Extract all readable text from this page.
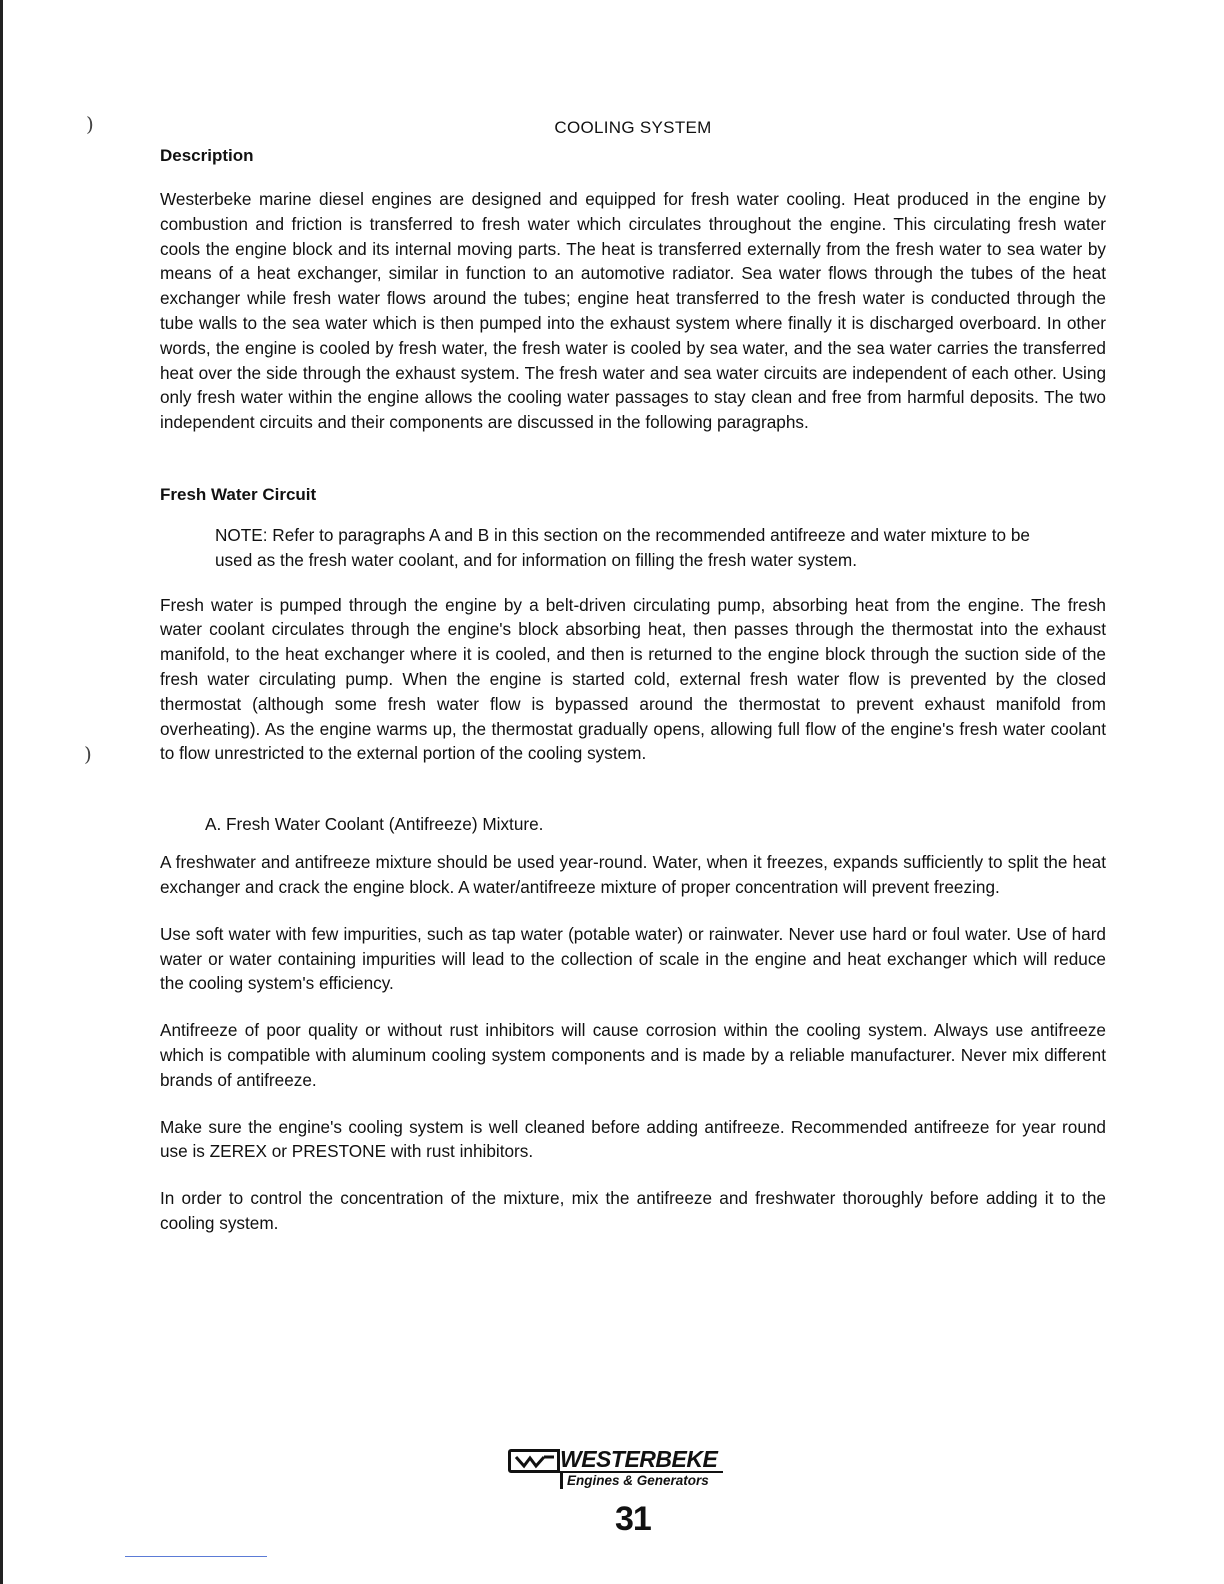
)
)
COOLING SYSTEM
Description

Westerbeke marine diesel engines are designed and equipped for fresh water cooling. Heat produced in the engine by combustion and friction is transferred to fresh water which circulates throughout the engine. This circulating fresh water cools the engine block and its internal moving parts. The heat is transferred externally from the fresh water to sea water by means of a heat exchanger, similar in function to an automotive radiator. Sea water flows through the tubes of the heat exchanger while fresh water flows around the tubes; engine heat transferred to the fresh water is conducted through the tube walls to the sea water which is then pumped into the exhaust system where finally it is discharged overboard. In other words, the engine is cooled by fresh water, the fresh water is cooled by sea water, and the sea water carries the transferred heat over the side through the exhaust system. The fresh water and sea water circuits are independent of each other. Using only fresh water within the engine allows the cooling water passages to stay clean and free from harmful deposits. The two independent circuits and their components are discussed in the following paragraphs.

Fresh Water Circuit

NOTE: Refer to paragraphs A and B in this section on the recommended antifreeze and water mixture to be used as the fresh water coolant, and for information on filling the fresh water system.

Fresh water is pumped through the engine by a belt-driven circulating pump, absorbing heat from the engine. The fresh water coolant circulates through the engine's block absorbing heat, then passes through the thermostat into the exhaust manifold, to the heat exchanger where it is cooled, and then is returned to the engine block through the suction side of the fresh water circulating pump. When the engine is started cold, external fresh water flow is prevented by the closed thermostat (although some fresh water flow is bypassed around the thermostat to prevent exhaust manifold from overheating). As the engine warms up, the thermostat gradually opens, allowing full flow of the engine's fresh water coolant to flow unrestricted to the external portion of the cooling system.

A. Fresh Water Coolant (Antifreeze) Mixture.

A freshwater and antifreeze mixture should be used year-round. Water, when it freezes, expands sufficiently to split the heat exchanger and crack the engine block. A water/antifreeze mixture of proper concentration will prevent freezing.

Use soft water with few impurities, such as tap water (potable water) or rainwater. Never use hard or foul water. Use of hard water or water containing impurities will lead to the collection of scale in the engine and heat exchanger which will reduce the cooling system's efficiency.

Antifreeze of poor quality or without rust inhibitors will cause corrosion within the cooling system. Always use antifreeze which is compatible with aluminum cooling system components and is made by a reliable manufacturer. Never mix different brands of antifreeze.

Make sure the engine's cooling system is well cleaned before adding antifreeze. Recommended antifreeze for year round use is ZEREX or PRESTONE with rust inhibitors.

In order to control the concentration of the mixture, mix the antifreeze and freshwater thoroughly before adding it to the cooling system.

WESTERBEKE
Engines & Generators
31
